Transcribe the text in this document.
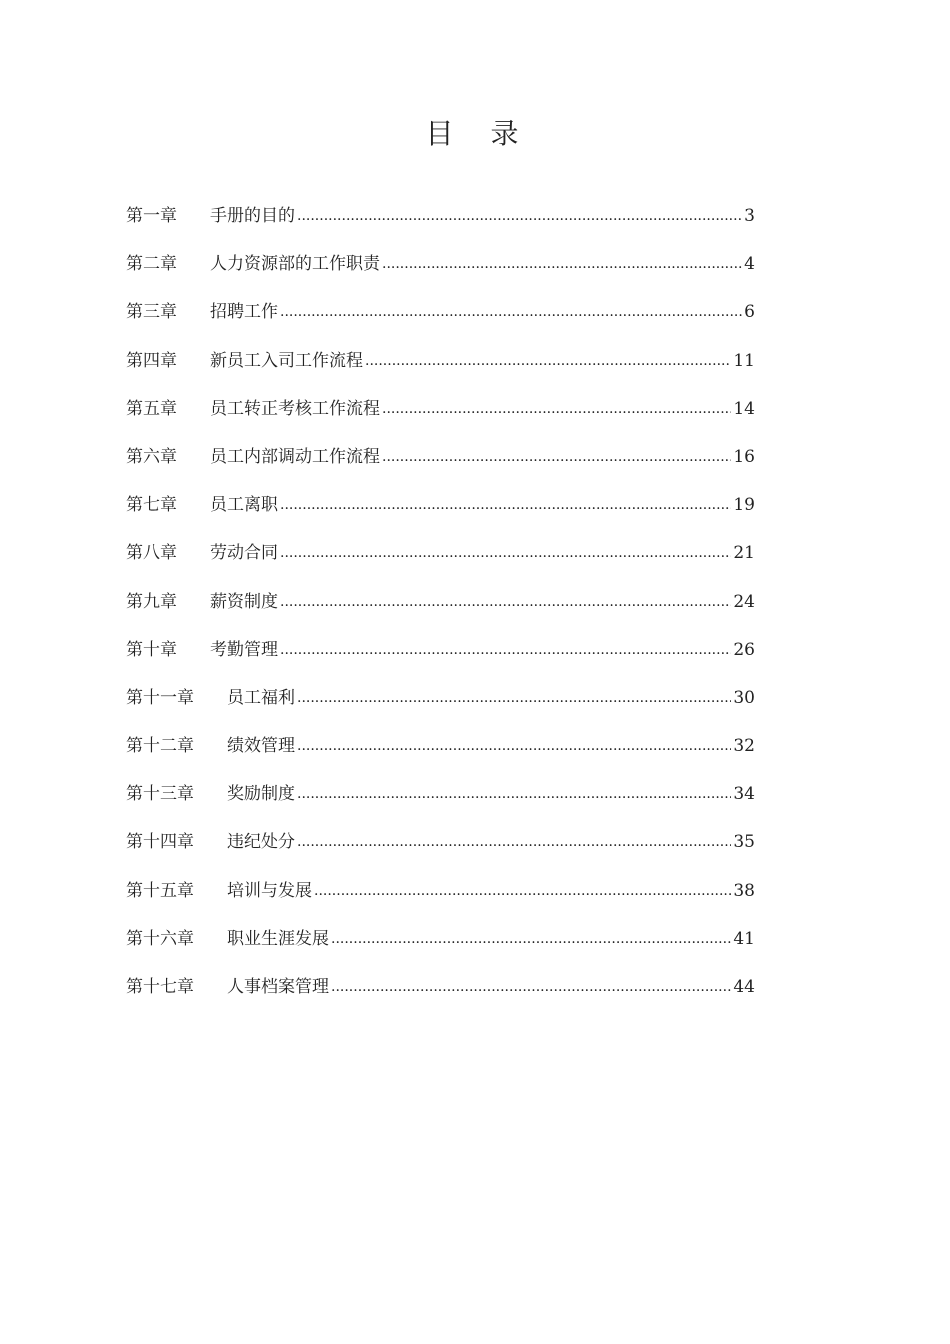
目 录
第一章	手册的目的 .....	3
第二章	人力资源部的工作职责 .....	4
第三章	招聘工作 .....	6
第四章	新员工入司工作流程 .....	11
第五章	员工转正考核工作流程 .....	14
第六章	员工内部调动工作流程 .....	16
第七章	员工离职 .....	19
第八章	劳动合同 .....	21
第九章	薪资制度 .....	24
第十章	考勤管理 .....	26
第十一章	员工福利 .....	30
第十二章	绩效管理 .....	32
第十三章	奖励制度 .....	34
第十四章	违纪处分 .....	35
第十五章	培训与发展 .....	38
第十六章	职业生涯发展 .....	41
第十七章	人事档案管理 .....	44
